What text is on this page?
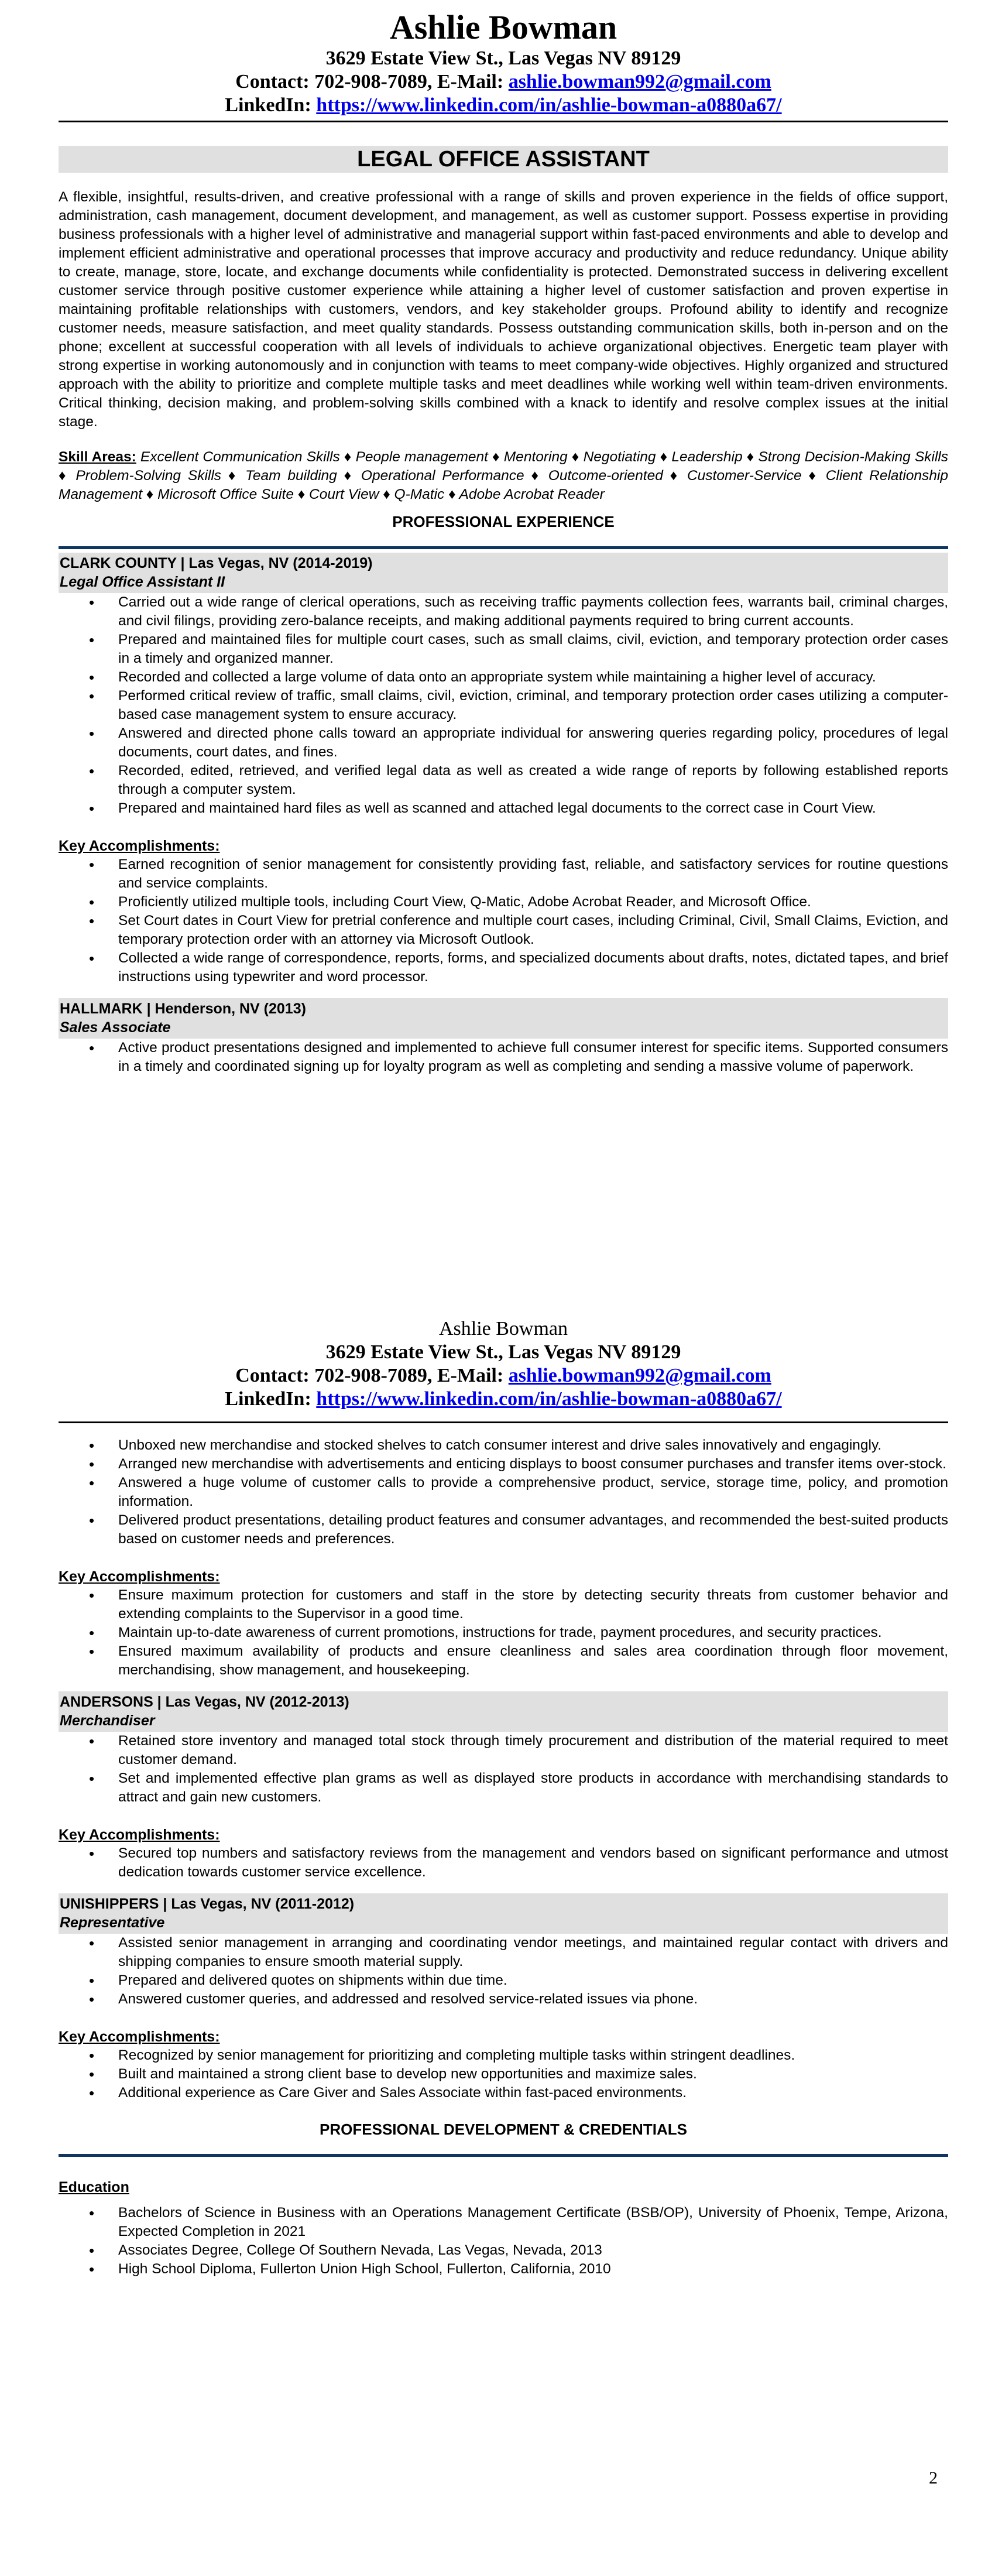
Ashlie Bowman
3629 Estate View St., Las Vegas NV 89129
Contact: 702-908-7089, E-Mail: ashlie.bowman992@gmail.com
LinkedIn: https://www.linkedin.com/in/ashlie-bowman-a0880a67/
LEGAL OFFICE ASSISTANT
A flexible, insightful, results-driven, and creative professional with a range of skills and proven experience in the fields of office support, administration, cash management, document development, and management, as well as customer support. Possess expertise in providing business professionals with a higher level of administrative and managerial support within fast-paced environments and able to develop and implement efficient administrative and operational processes that improve accuracy and productivity and reduce redundancy. Unique ability to create, manage, store, locate, and exchange documents while confidentiality is protected. Demonstrated success in delivering excellent customer service through positive customer experience while attaining a higher level of customer satisfaction and proven expertise in maintaining profitable relationships with customers, vendors, and key stakeholder groups. Profound ability to identify and recognize customer needs, measure satisfaction, and meet quality standards. Possess outstanding communication skills, both in-person and on the phone; excellent at successful cooperation with all levels of individuals to achieve organizational objectives. Energetic team player with strong expertise in working autonomously and in conjunction with teams to meet company-wide objectives. Highly organized and structured approach with the ability to prioritize and complete multiple tasks and meet deadlines while working well within team-driven environments. Critical thinking, decision making, and problem-solving skills combined with a knack to identify and resolve complex issues at the initial stage.
Skill Areas: Excellent Communication Skills ♦ People management ♦ Mentoring ♦ Negotiating ♦ Leadership ♦ Strong Decision-Making Skills ♦ Problem-Solving Skills ♦ Team building ♦ Operational Performance ♦ Outcome-oriented ♦ Customer-Service ♦ Client Relationship Management ♦ Microsoft Office Suite ♦ Court View ♦ Q-Matic ♦ Adobe Acrobat Reader
PROFESSIONAL EXPERIENCE
CLARK COUNTY | Las Vegas, NV (2014-2019)
Legal Office Assistant II
• Carried out a wide range of clerical operations, such as receiving traffic payments collection fees, warrants bail, criminal charges, and civil filings, providing zero-balance receipts, and making additional payments required to bring current accounts.
• Prepared and maintained files for multiple court cases, such as small claims, civil, eviction, and temporary protection order cases in a timely and organized manner.
• Recorded and collected a large volume of data onto an appropriate system while maintaining a higher level of accuracy.
• Performed critical review of traffic, small claims, civil, eviction, criminal, and temporary protection order cases utilizing a computer-based case management system to ensure accuracy.
• Answered and directed phone calls toward an appropriate individual for answering queries regarding policy, procedures of legal documents, court dates, and fines.
• Recorded, edited, retrieved, and verified legal data as well as created a wide range of reports by following established reports through a computer system.
• Prepared and maintained hard files as well as scanned and attached legal documents to the correct case in Court View.
Key Accomplishments:
• Earned recognition of senior management for consistently providing fast, reliable, and satisfactory services for routine questions and service complaints.
• Proficiently utilized multiple tools, including Court View, Q-Matic, Adobe Acrobat Reader, and Microsoft Office.
• Set Court dates in Court View for pretrial conference and multiple court cases, including Criminal, Civil, Small Claims, Eviction, and temporary protection order with an attorney via Microsoft Outlook.
• Collected a wide range of correspondence, reports, forms, and specialized documents about drafts, notes, dictated tapes, and brief instructions using typewriter and word processor.
HALLMARK | Henderson, NV (2013)
Sales Associate
• Active product presentations designed and implemented to achieve full consumer interest for specific items. Supported consumers in a timely and coordinated signing up for loyalty program as well as completing and sending a massive volume of paperwork.
Ashlie Bowman
3629 Estate View St., Las Vegas NV 89129
Contact: 702-908-7089, E-Mail: ashlie.bowman992@gmail.com
LinkedIn: https://www.linkedin.com/in/ashlie-bowman-a0880a67/
• Unboxed new merchandise and stocked shelves to catch consumer interest and drive sales innovatively and engagingly.
• Arranged new merchandise with advertisements and enticing displays to boost consumer purchases and transfer items over-stock.
• Answered a huge volume of customer calls to provide a comprehensive product, service, storage time, policy, and promotion information.
• Delivered product presentations, detailing product features and consumer advantages, and recommended the best-suited products based on customer needs and preferences.
Key Accomplishments:
• Ensure maximum protection for customers and staff in the store by detecting security threats from customer behavior and extending complaints to the Supervisor in a good time.
• Maintain up-to-date awareness of current promotions, instructions for trade, payment procedures, and security practices.
• Ensured maximum availability of products and ensure cleanliness and sales area coordination through floor movement, merchandising, show management, and housekeeping.
ANDERSONS | Las Vegas, NV (2012-2013)
Merchandiser
• Retained store inventory and managed total stock through timely procurement and distribution of the material required to meet customer demand.
• Set and implemented effective plan grams as well as displayed store products in accordance with merchandising standards to attract and gain new customers.
Key Accomplishments:
• Secured top numbers and satisfactory reviews from the management and vendors based on significant performance and utmost dedication towards customer service excellence.
UNISHIPPERS | Las Vegas, NV (2011-2012)
Representative
• Assisted senior management in arranging and coordinating vendor meetings, and maintained regular contact with drivers and shipping companies to ensure smooth material supply.
• Prepared and delivered quotes on shipments within due time.
• Answered customer queries, and addressed and resolved service-related issues via phone.
Key Accomplishments:
• Recognized by senior management for prioritizing and completing multiple tasks within stringent deadlines.
• Built and maintained a strong client base to develop new opportunities and maximize sales.
• Additional experience as Care Giver and Sales Associate within fast-paced environments.
PROFESSIONAL DEVELOPMENT & CREDENTIALS
Education
• Bachelors of Science in Business with an Operations Management Certificate (BSB/OP), University of Phoenix, Tempe, Arizona, Expected Completion in 2021
• Associates Degree, College Of Southern Nevada, Las Vegas, Nevada, 2013
• High School Diploma, Fullerton Union High School, Fullerton, California, 2010
2
